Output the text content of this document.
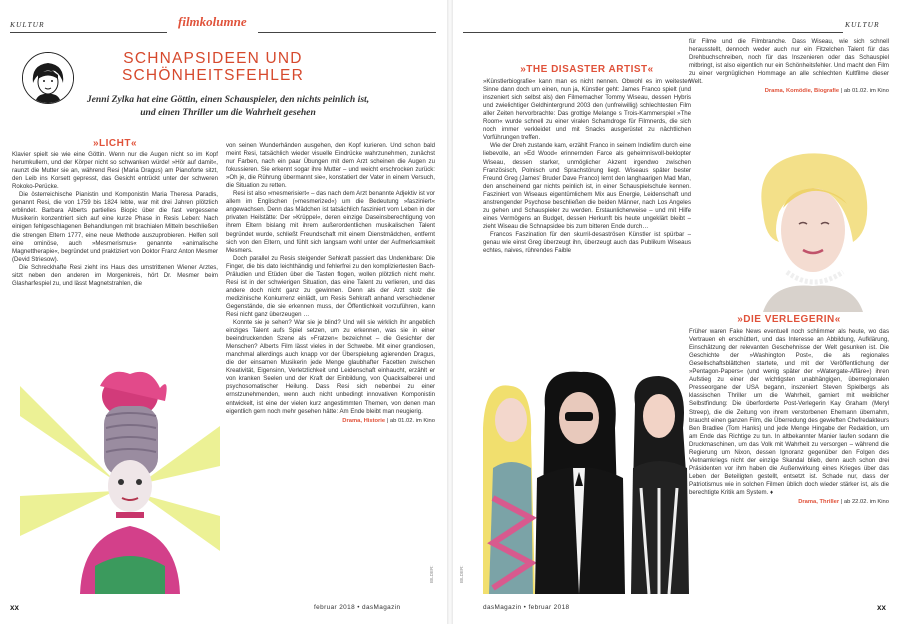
KULTUR	filmkolumne
SCHNAPSIDEEN UND SCHÖNHEITSFEHLER
Jenni Zylka hat eine Göttin, einen Schauspieler, den nichts peinlich ist, und einen Thriller um die Wahrheit gesehen
»LICHT«

Klavier spielt sie wie eine Göttin. Wenn nur die Augen nicht so im Kopf herumkullern, und der Körper nicht so schwanken würde! »Hör auf damit«, raunzt die Mutter sie an, während Resi (Maria Dragus) am Pianoforte sitzt, den Leib ins Korsett gepresst, das Gesicht entrückt unter der schweren Rokoko-Perücke.

Die österreichische Pianistin und Komponistin Maria Theresa Paradis, genannt Resi, die von 1759 bis 1824 lebte, war mit drei Jahren plötzlich erblindet. Barbara Alberts partielles Biopic über die fast vergessene Musikerin konzentriert sich auf eine kurze Phase in Resis Leben: Nach einigen fehlgeschlagenen Behandlungen mit brachialen Mitteln beschließen die strengen Eltern 1777, eine neue Methode auszuprobieren. Helfen soll eine ominöse, auch »Mesmerismus« genannte »animalische Magnettherapie«, begründet und praktiziert von Doktor Franz Anton Mesmer (Devid Striesow).

Die Schreckhafte Resi zieht ins Haus des umstrittenen Wiener Arztes, sitzt neben den anderen im Morgenkreis, hört Dr. Mesmer beim Glasharfespiel zu, und lässt Magnetstrahlen, die

von seinen Wunderhänden ausgehen, den Kopf kurieren. Und schon bald meint Resi, tatsächlich wieder visuelle Eindrücke wahrzunehmen, zunächst nur Farben, nach ein paar Übungen mit dem Arzt scheinen die Augen zu fokussieren. Sie erkennt sogar ihre Mutter – und weicht erschrocken zurück: »Oh je, die Rührung übermannt sie«, konstatiert der Vater in einem Versuch, die Situation zu retten.

Resi ist also »mesmerisiert« – das nach dem Arzt benannte Adjektiv ist vor allem im Englischen (»mesmerized«) um die Bedeutung »fasziniert« angewachsen. Denn das Mädchen ist tatsächlich fasziniert vom Leben in der privaten Heilstätte: Der »Krüppel«, deren einzige Daseinsberechtigung von ihrem Eltern bislang mit ihrem außerordentlichen musikalischen Talent begründet wurde, schließt Freundschaft mit einem Dienstmädchen, entfernt sich von den Eltern, und fühlt sich langsam wohl unter der Aufmerksamkeit Mesmers.

Doch parallel zu Resis steigender Sehkraft passiert das Undenkbare: Die Finger, die bis dato leichthändig und fehlerfrei zu den kompliziertesten Bach-Präludien und Etüden über die Tasten flogen, wollen plötzlich nicht mehr. Resi ist in der schwierigen Situation, das eine Talent zu verlieren, und das andere doch nicht ganz zu gewinnen. Denn als der Arzt stolz die medizinische Konkurrenz einlädt, um Resis Sehkraft anhand verschiedener Gegenstände, die sie erkennen muss, der Öffentlichkeit vorzuführen, kann Resi nicht ganz überzeugen …

Konnte sie je sehen? War sie je blind? Und will sie wirklich ihr angeblich einziges Talent aufs Spiel setzen, um zu erkennen, was sie in einer beeindruckenden Szene als »Fratzen« bezeichnet – die Gesichter der Menschen? Alberts Film lässt vieles in der Schwebe. Mit einer grandiosen, manchmal allerdings auch knapp vor der Überspielung agierenden Dragus, die der einsamen Musikerin jede Menge glaubhafter Facetten zwischen Kreativität, Eigensinn, Verletzlichkeit und Leidenschaft einhaucht, erzählt er von kranken Seelen und der Kraft der Einbildung, von Quacksalberei und psychosomatischer Heilung. Dass Resi sich nebenbei zu einer ernstzunehmenden, wenn auch nicht unbedingt innovativen Komponistin entwickelt, ist eine der vielen kurz angestimmten Themen, von denen man eigentlich gern noch mehr gesehen hätte: Am Ende bleibt man neugierig.

Drama, Historie | ab 01.02. im Kino
BILDER:
xx	februar 2018 • dasMagazin
KULTUR
»THE DISASTER ARTIST«

»Künstlerbiografie« kann man es nicht nennen. Obwohl es im weitesten Sinne dann doch um einen, nun ja, Künstler geht: James Franco spielt (und inszeniert sich selbst als) den Filmemacher Tommy Wiseau, dessen Hybris und zwielichtiger Geldhintergrund 2003 den (unfreiwillig) schlechtesten Film aller Zeiten hervorbrachte: Das grottige Melange s Trois-Kammerspiel »The Room« wurde schnell zu einer viralen Schamdroge für Filmnerds, die sich noch immer verkleidet und mit Snacks ausgerüstet zu nächtlichen Vorführungen treffen.

Wie der Dreh zustande kam, erzählt Franco in seinem Indiefilm durch eine liebevolle, an »Ed Wood« erinnernden Farce als geheimnisvoll-beklopter Wiseau, dessen starker, unmöglicher Akzent irgendwo zwischen Französisch, Polnisch und Sprachstörung liegt. Wiseaus später bester Freund Greg (James' Bruder Dave Franco) lernt den langhaarigen Mad Man, den anscheinend gar nichts peinlich ist, in einer Schauspielschule kennen. Fasziniert von Wiseaus eigentümlichem Mix aus Energie, Leidenschaft und anstrengender Psychose beschließen die beiden Männer, nach Los Angeles zu gehen und Schauspieler zu werden. Erstaunlicherweise – und mit Hilfe eines Vermögens an Budget, dessen Herkunft bis heute ungeklärt bleibt – zieht Wiseau die Schnapsidee bis zum bitteren Ende durch…

Francos Faszination für den skurril-desaströsen Künstler ist spürbar – genau wie einst Greg überzeugt ihn, überzeugt auch das Publikum Wiseaus echtes, naives, rührendes Faible

für Filme und die Filmbranche. Dass Wiseau, wie sich schnell herausstellt, dennoch weder auch nur ein Fitzelchen Talent für das Drehbuchschreiben, noch für das Inszenieren oder das Schauspiel mitbringt, ist also eigentlich nur ein Schönheitsfehler. Und macht den Film zu einer vergnüglichen Hommage an alle schlechten Kultfilme dieser Welt.

Drama, Komödie, Biografie | ab 01.02. im Kino
»DIE VERLEGERIN«

Früher waren Fake News eventuell noch schlimmer als heute, wo das Vertrauen eh erschüttert, und das Interesse an Abbildung, Aufklärung, Einschätzung der relevanten Geschehnisse der Welt gesunken ist. Die Geschichte der »Washington Post«, die als regionales Gesellschaftsblättchen startete, und mit der Veröffentlichung der »Pentagon-Papers« (und wenig später der »Watergate-Affäre«) ihren Aufstieg zu einer der wichtigsten unabhängigen, überregionalen Presseorgane der USA begann, inszeniert Steven Spielbergs als klassischen Thriller um die Wahrheit, garniert mit weiblicher Selbstfindung: Die überforderte Post-Verlegerin Kay Graham (Meryl Streep), die die Zeitung von ihrem verstorbenen Ehemann übernahm, braucht einen ganzen Film, die Überredung des gewieften Chefredakteurs Ben Bradlee (Tom Hanks) und jede Menge Hingabe der Redaktion, um am Ende das Richtige zu tun. In altbekannter Manier laufen sodann die Druckmaschinen, um das Volk mit Wahrheit zu versorgen – während die Regierung um Nixon, dessen Ignoranz gegenüber den Folgen des Vietnamkriegs nicht der einzige Skandal blieb, denn auch schon drei Präsidenten vor ihm haben die Außenwirkung eines Krieges über das Leben der Beteiligten gestellt, entsetzt ist. Schade nur, dass der Patriotismus wie in solchen Filmen üblich doch wieder stärker ist, als die berechtigte Kritik am System. ♦

Drama, Thriller | ab 22.02. im Kino
BILDER:
dasMagazin • februar 2018	xx
